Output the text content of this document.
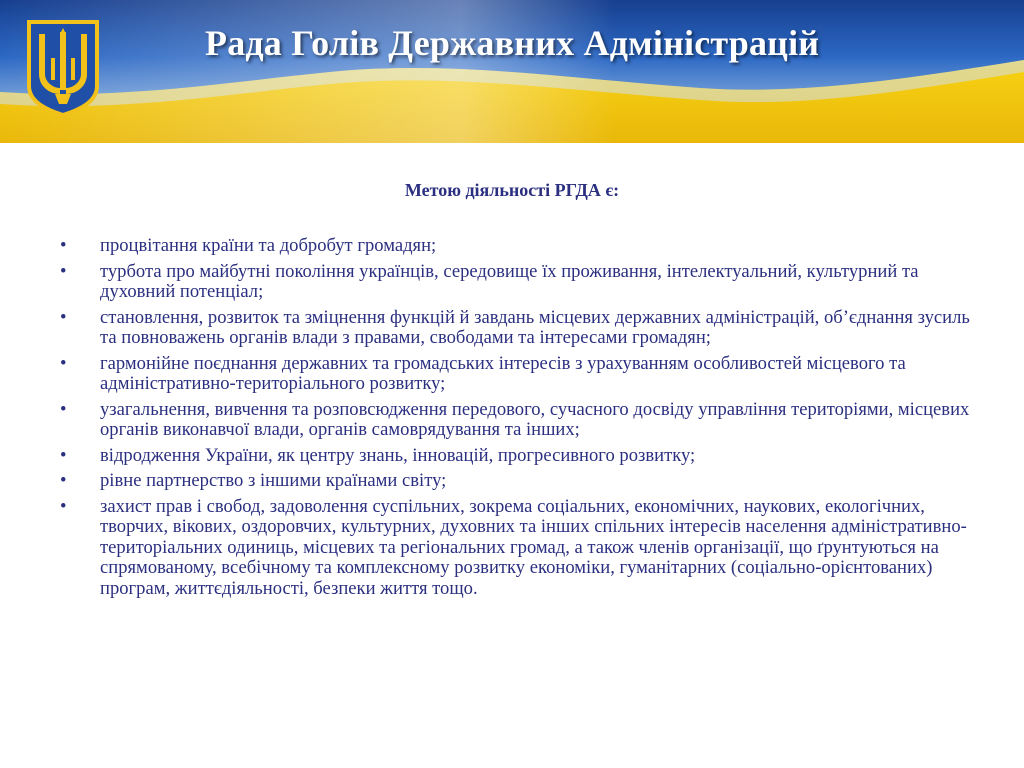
Рада Голів Державних Адміністрацій
Метою діяльності РГДА є:
• процвітання країни та добробут громадян;
• турбота про майбутні покоління українців, середовище їх проживання, інтелектуальний, культурний та духовний потенціал;
• становлення, розвиток та зміцнення функцій й завдань місцевих державних адміністрацій, об’єднання зусиль та повноважень органів влади з правами, свободами та інтересами громадян;
• гармонійне поєднання державних та громадських інтересів з урахуванням особливостей місцевого та адміністративно-територіального розвитку;
• узагальнення, вивчення та розповсюдження передового, сучасного досвіду управління територіями, місцевих органів виконавчої влади, органів самоврядування та інших;
• відродження України, як центру знань, інновацій, прогресивного розвитку;
• рівне партнерство з іншими країнами світу;
• захист прав і свобод, задоволення суспільних, зокрема соціальних, економічних, наукових, екологічних, творчих, вікових, оздоровчих, культурних, духовних та інших спільних інтересів населення адміністративно-територіальних одиниць, місцевих та регіональних громад, а також членів організації, що ґрунтуються на спрямованому, всебічному та комплексному розвитку економіки, гуманітарних (соціально-орієнтованих) програм, життєдіяльності, безпеки життя тощо.
